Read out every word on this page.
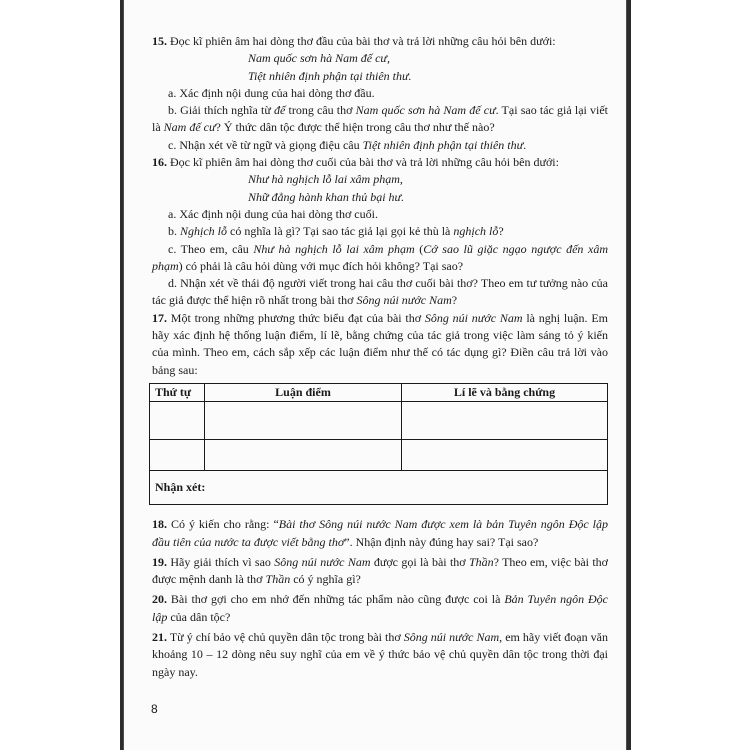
15. Đọc kĩ phiên âm hai dòng thơ đầu của bài thơ và trả lời những câu hỏi bên dưới:

Nam quốc sơn hà Nam đế cư,

Tiệt nhiên định phận tại thiên thư.

a. Xác định nội dung của hai dòng thơ đầu.

b. Giải thích nghĩa từ đế trong câu thơ Nam quốc sơn hà Nam đế cư. Tại sao tác giả lại viết là Nam đế cư? Ý thức dân tộc được thể hiện trong câu thơ như thế nào?

c. Nhận xét về từ ngữ và giọng điệu câu Tiệt nhiên định phận tại thiên thư.

16. Đọc kĩ phiên âm hai dòng thơ cuối của bài thơ và trả lời những câu hỏi bên dưới:

Như hà nghịch lỗ lai xâm phạm,

Nhữ đẳng hành khan thủ bại hư.

a. Xác định nội dung của hai dòng thơ cuối.

b. Nghịch lỗ có nghĩa là gì? Tại sao tác giả lại gọi kẻ thù là nghịch lỗ?

c. Theo em, câu Như hà nghịch lỗ lai xâm phạm (Cớ sao lũ giặc ngạo ngược đến xâm phạm) có phải là câu hỏi dùng với mục đích hỏi không? Tại sao?

d. Nhận xét về thái độ người viết trong hai câu thơ cuối bài thơ? Theo em tư tưởng nào của tác giả được thể hiện rõ nhất trong bài thơ Sông núi nước Nam?

17. Một trong những phương thức biểu đạt của bài thơ Sông núi nước Nam là nghị luận. Em hãy xác định hệ thống luận điểm, lí lẽ, bằng chứng của tác giả trong việc làm sáng tỏ ý kiến của mình. Theo em, cách sắp xếp các luận điểm như thế có tác dụng gì? Điền câu trả lời vào bảng sau:

Thứ tự	Luận điểm	Lí lẽ và bằng chứng

Nhận xét:		

18. Có ý kiến cho rằng: “Bài thơ Sông núi nước Nam được xem là bản Tuyên ngôn Độc lập đầu tiên của nước ta được viết bằng thơ”. Nhận định này đúng hay sai? Tại sao?

19. Hãy giải thích vì sao Sông núi nước Nam được gọi là bài thơ Thần? Theo em, việc bài thơ được mệnh danh là thơ Thần có ý nghĩa gì?

20. Bài thơ gợi cho em nhớ đến những tác phẩm nào cũng được coi là Bản Tuyên ngôn Độc lập của dân tộc?

21. Từ ý chí bảo vệ chủ quyền dân tộc trong bài thơ Sông núi nước Nam, em hãy viết đoạn văn khoảng 10 – 12 dòng nêu suy nghĩ của em về ý thức bảo vệ chủ quyền dân tộc trong thời đại ngày nay.

8
